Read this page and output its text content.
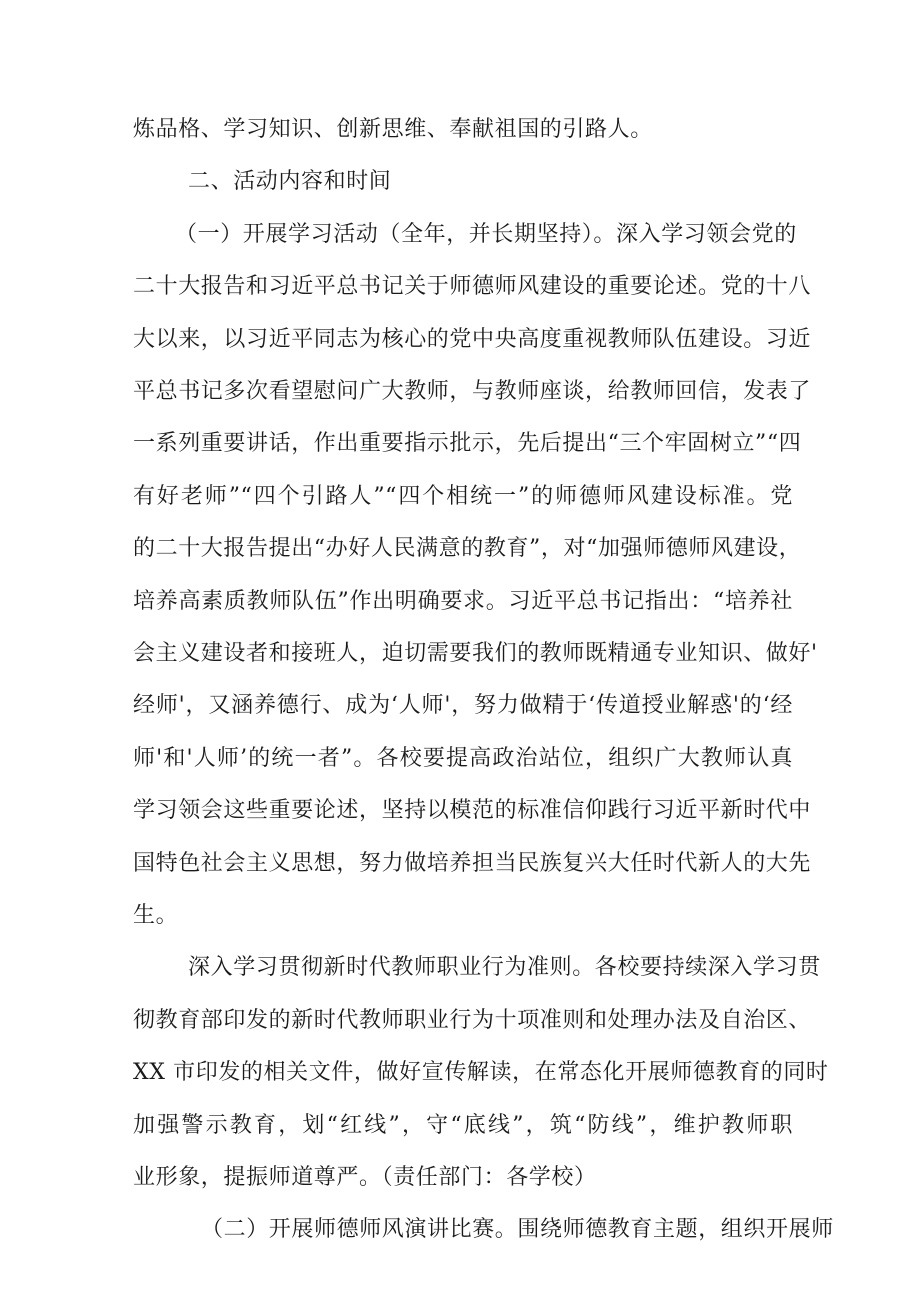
炼品格、学习知识、创新思维、奉献祖国的引路人。
二、活动内容和时间
（一）开展学习活动（全年，并长期坚持）。深入学习领会党的
二十大报告和习近平总书记关于师德师风建设的重要论述。党的十八
大以来，以习近平同志为核心的党中央高度重视教师队伍建设。习近
平总书记多次看望慰问广大教师，与教师座谈，给教师回信，发表了
一系列重要讲话，作出重要指示批示，先后提出“三个牢固树立”“四
有好老师”“四个引路人”“四个相统一”的师德师风建设标准。党
的二十大报告提出“办好人民满意的教育”，对“加强师德师风建设，
培养高素质教师队伍”作出明确要求。习近平总书记指出：“培养社
会主义建设者和接班人，迫切需要我们的教师既精通专业知识、做好'
经师'，又涵养德行、成为‘人师'，努力做精于‘传道授业解惑'的‘经
师'和'人师’的统一者”。各校要提高政治站位，组织广大教师认真
学习领会这些重要论述，坚持以模范的标准信仰践行习近平新时代中
国特色社会主义思想，努力做培养担当民族复兴大任时代新人的大先
生。
深入学习贯彻新时代教师职业行为准则。各校要持续深入学习贯
彻教育部印发的新时代教师职业行为十项准则和处理办法及自治区、
XX 市印发的相关文件，做好宣传解读，在常态化开展师德教育的同时
加强警示教育，划“红线”，守“底线”，筑“防线”，维护教师职
业形象，提振师道尊严。（责任部门：各学校）
（二）开展师德师风演讲比赛。围绕师德教育主题，组织开展师
